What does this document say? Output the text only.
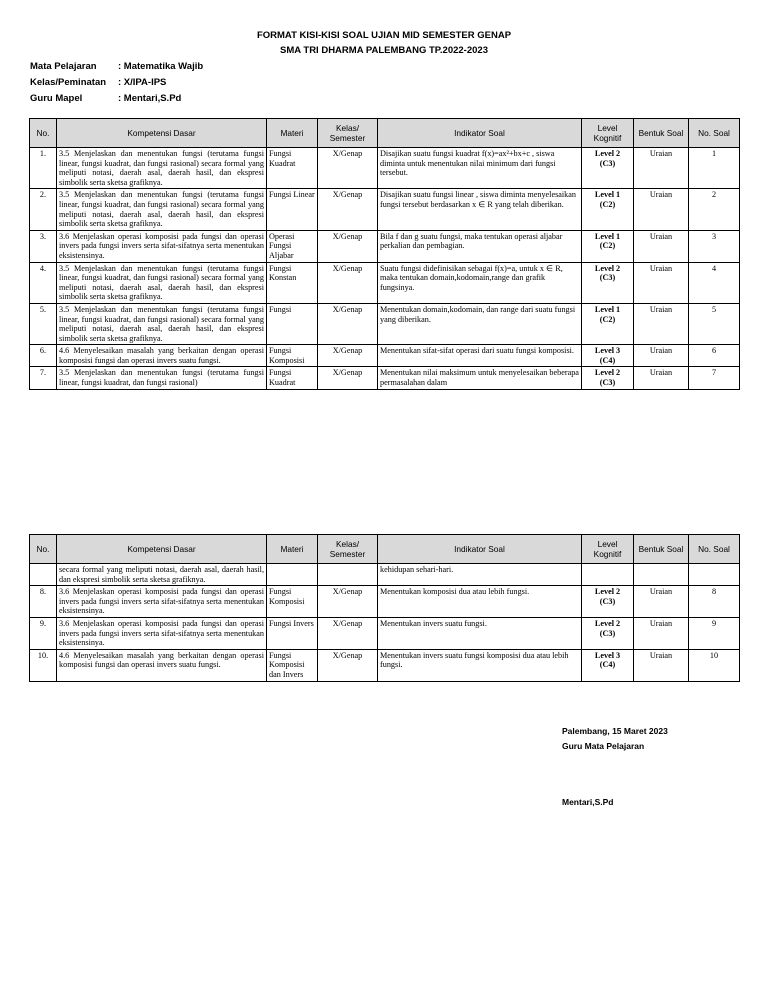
FORMAT KISI-KISI SOAL UJIAN MID SEMESTER GENAP
SMA TRI DHARMA PALEMBANG TP.2022-2023
Mata Pelajaran : Matematika Wajib
Kelas/Peminatan : X/IPA-IPS
Guru Mapel	: Mentari,S.Pd
No.	Kompetensi Dasar	Materi	Kelas/ Semester	Indikator Soal	Level Kognitif	Bentuk Soal	No. Soal
1.	3.5 Menjelaskan dan menentukan fungsi (terutama fungsi linear, fungsi kuadrat, dan fungsi rasional) secara formal yang meliputi notasi, daerah asal, daerah hasil, dan ekspresi simbolik serta sketsa grafiknya.	Fungsi Kuadrat	X/Genap	Disajikan suatu fungsi kuadrat f(x)=ax²+bx+c , siswa diminta untuk menentukan nilai minimum dari fungsi tersebut.	Level 2
(C3)	Uraian	1
2.	3.5 Menjelaskan dan menentukan fungsi (terutama fungsi linear, fungsi kuadrat, dan fungsi rasional) secara formal yang meliputi notasi, daerah asal, daerah hasil, dan ekspresi simbolik serta sketsa grafiknya.	Fungsi Linear	X/Genap	Disajikan suatu fungsi linear , siswa diminta menyelesaikan fungsi tersebut berdasarkan x ∈ R yang telah diberikan.	Level 1
(C2)	Uraian	2
3.	3.6 Menjelaskan operasi komposisi pada fungsi dan operasi invers pada fungsi invers serta sifat-sifatnya serta menentukan eksistensinya.	Operasi Fungsi Aljabar	X/Genap	Bila f dan g suatu fungsi, maka tentukan operasi aljabar perkalian dan pembagian.	Level 1
(C2)	Uraian	3
4.	3.5 Menjelaskan dan menentukan fungsi (terutama fungsi linear, fungsi kuadrat, dan fungsi rasional) secara formal yang meliputi notasi, daerah asal, daerah hasil, dan ekspresi simbolik serta sketsa grafiknya.	Fungsi Konstan	X/Genap	Suatu fungsi didefinisikan sebagai f(x)=a, untuk x ∈ R, maka tentukan domain,kodomain,range dan grafik fungsinya.	Level 2
(C3)	Uraian	4
5.	3.5 Menjelaskan dan menentukan fungsi (terutama fungsi linear, fungsi kuadrat, dan fungsi rasional) secara formal yang meliputi notasi, daerah asal, daerah hasil, dan ekspresi simbolik serta sketsa grafiknya.	Fungsi	X/Genap	Menentukan domain,kodomain, dan range dari suatu fungsi yang diberikan.	Level 1
(C2)	Uraian	5
6.	4.6 Menyelesaikan masalah yang berkaitan dengan operasi komposisi fungsi dan operasi invers suatu fungsi.	Fungsi Komposisi	X/Genap	Menentukan sifat-sifat operasi dari suatu fungsi komposisi.	Level 3
(C4)	Uraian	6
7.	3.5 Menjelaskan dan menentukan fungsi (terutama fungsi linear, fungsi kuadrat, dan fungsi rasional)	Fungsi Kuadrat	X/Genap	Menentukan nilai maksimum untuk menyelesaikan beberapa permasalahan dalam	Level 2
(C3)	Uraian	7
No.	Kompetensi Dasar	Materi	Kelas/ Semester	Indikator Soal	Level Kognitif	Bentuk Soal	No. Soal
	secara formal yang meliputi notasi, daerah asal, daerah hasil, dan ekspresi simbolik serta sketsa grafiknya.			kehidupan sehari-hari.	

8.	3.6 Menjelaskan operasi komposisi pada fungsi dan operasi invers pada fungsi invers serta sifat-sifatnya serta menentukan eksistensinya.	Fungsi Komposisi	X/Genap	Menentukan komposisi dua atau lebih fungsi.	Level 2
(C3)	Uraian	8
9.	3.6 Menjelaskan operasi komposisi pada fungsi dan operasi invers pada fungsi invers serta sifat-sifatnya serta menentukan eksistensinya.	Fungsi Invers	X/Genap	Menentukan invers suatu fungsi.	Level 2
(C3)	Uraian	9
10.	4.6 Menyelesaikan masalah yang berkaitan dengan operasi komposisi fungsi dan operasi invers suatu fungsi.	Fungsi Komposisi dan Invers	X/Genap	Menentukan invers suatu fungsi komposisi dua atau lebih fungsi.	Level 3
(C4)	Uraian	10
Palembang, 15 Maret 2023
Guru Mata Pelajaran
Mentari,S.Pd
